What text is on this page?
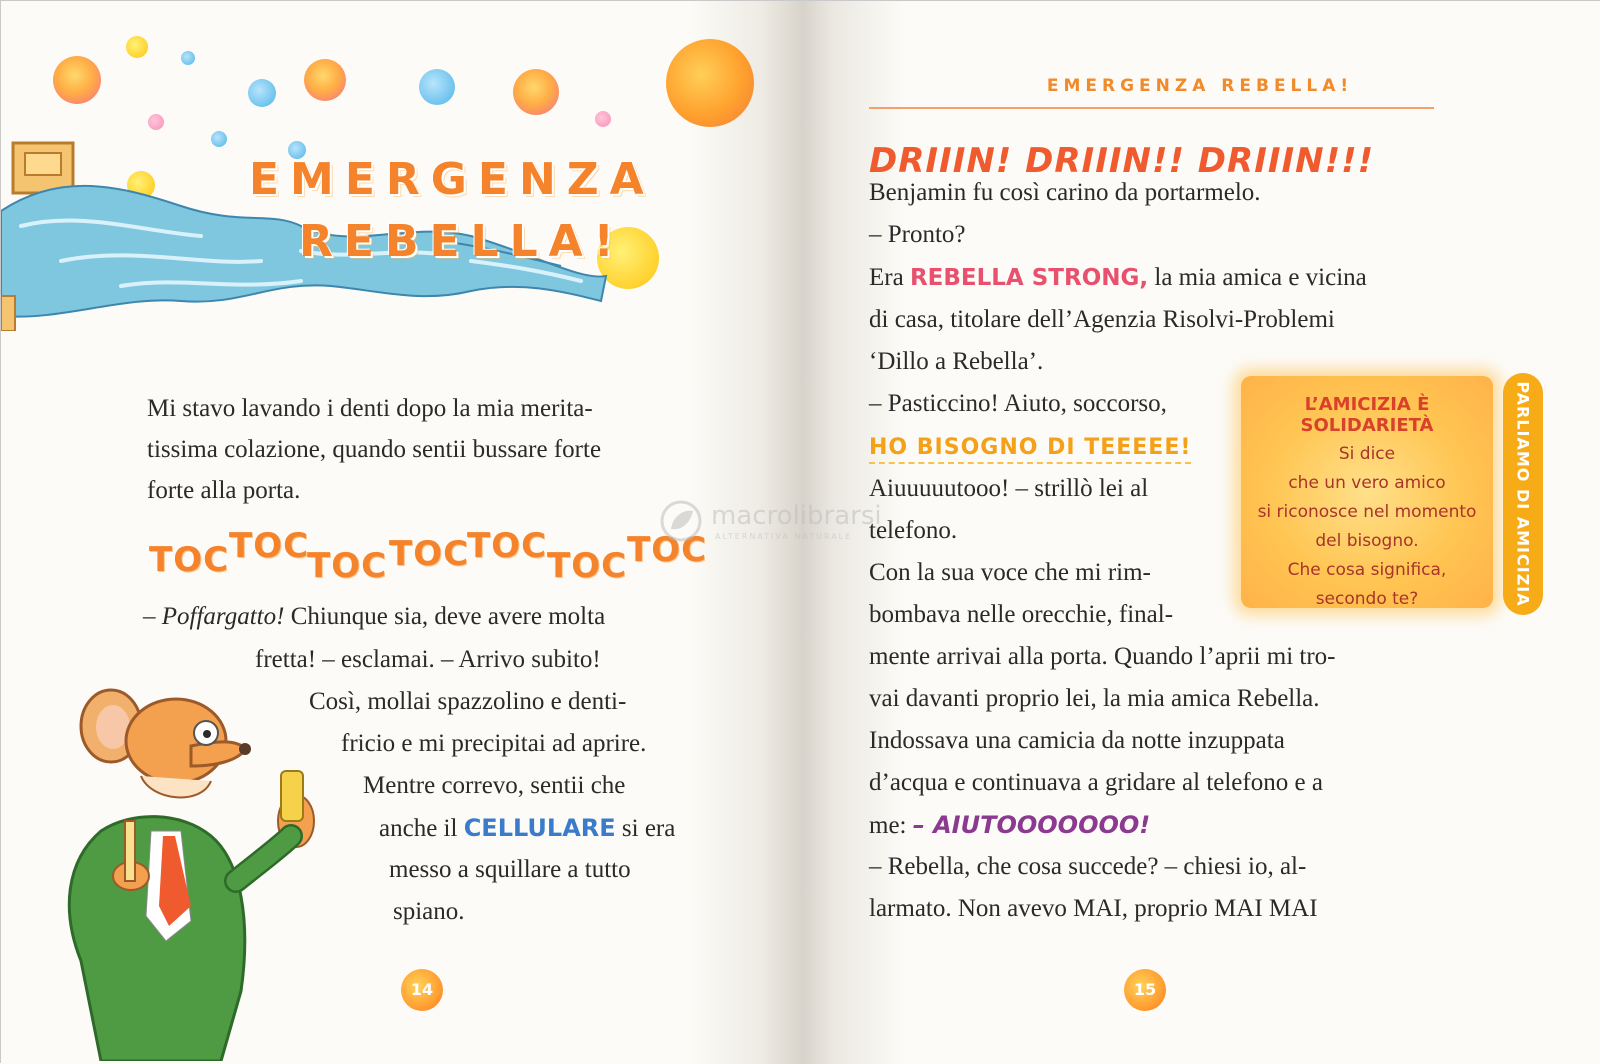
EMERGENZA
REBELLA!
Mi stavo lavando i denti dopo la mia merita-
tissima colazione, quando sentii bussare forte
forte alla porta.
TOC TOC
TOC TOC
TOC TOC TOC
– Poffargatto! Chiunque sia, deve avere molta
fretta! – esclamai. – Arrivo subito!
Così, mollai spazzolino e denti-
fricio e mi precipitai ad aprire.
Mentre correvo, sentii che
anche il CELLULARE si era
messo a squillare a tutto
spiano.
14
EMERGENZA REBELLA!
DRIIIN! DRIIIN!! DRIIIN!!!
Benjamin fu così carino da portarmelo.
– Pronto?
Era REBELLA STRONG, la mia amica e vicina
di casa, titolare dell’Agenzia Risolvi-Problemi
‘Dillo a Rebella’.
– Pasticcino! Aiuto, soccorso,
HO BISOGNO DI TEEEEE!
Aiuuuuutooo! – strillò lei al
telefono.
Con la sua voce che mi rim-
bombava nelle orecchie, final-
mente arrivai alla porta. Quando l’aprii mi tro-
vai davanti proprio lei, la mia amica Rebella.
Indossava una camicia da notte inzuppata
d’acqua e continuava a gridare al telefono e a
me: – AIUTOOOOOOO!
– Rebella, che cosa succede? – chiesi io, al-
larmato. Non avevo MAI, proprio MAI MAI
L’AMICIZIA È SOLIDARIETÀ
Si dice
che un vero amico
si riconosce nel momento
del bisogno.
Che cosa significa,
secondo te?	PARLIAMO DI AMICIZIA
15
macrolibrarsi
ALTERNATIVA NATURALE
